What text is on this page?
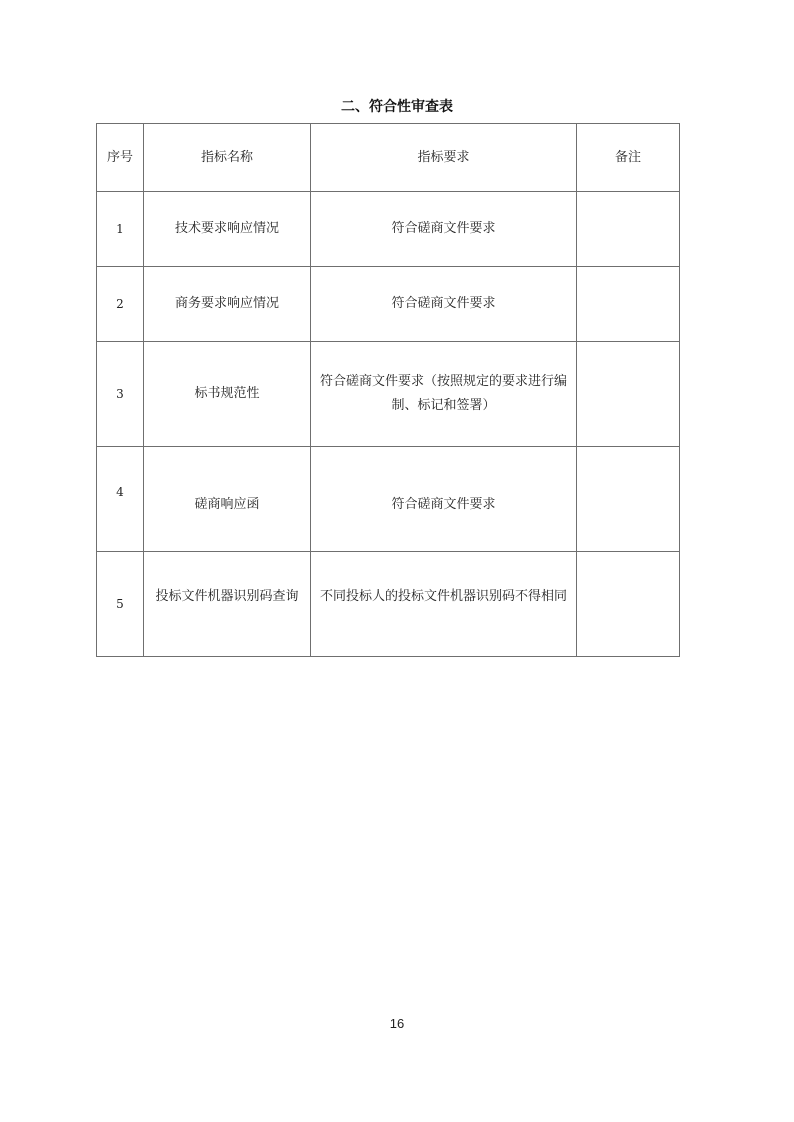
二、符合性审查表
序号	指标名称	指标要求	备注
1	技术要求响应情况	符合磋商文件要求	
2	商务要求响应情况	符合磋商文件要求	
3	标书规范性	符合磋商文件要求（按照规定的要求进行编制、标记和签署）	
4	磋商响应函	符合磋商文件要求	
5	投标文件机器识别码查询	不同投标人的投标文件机器识别码不得相同	
16
